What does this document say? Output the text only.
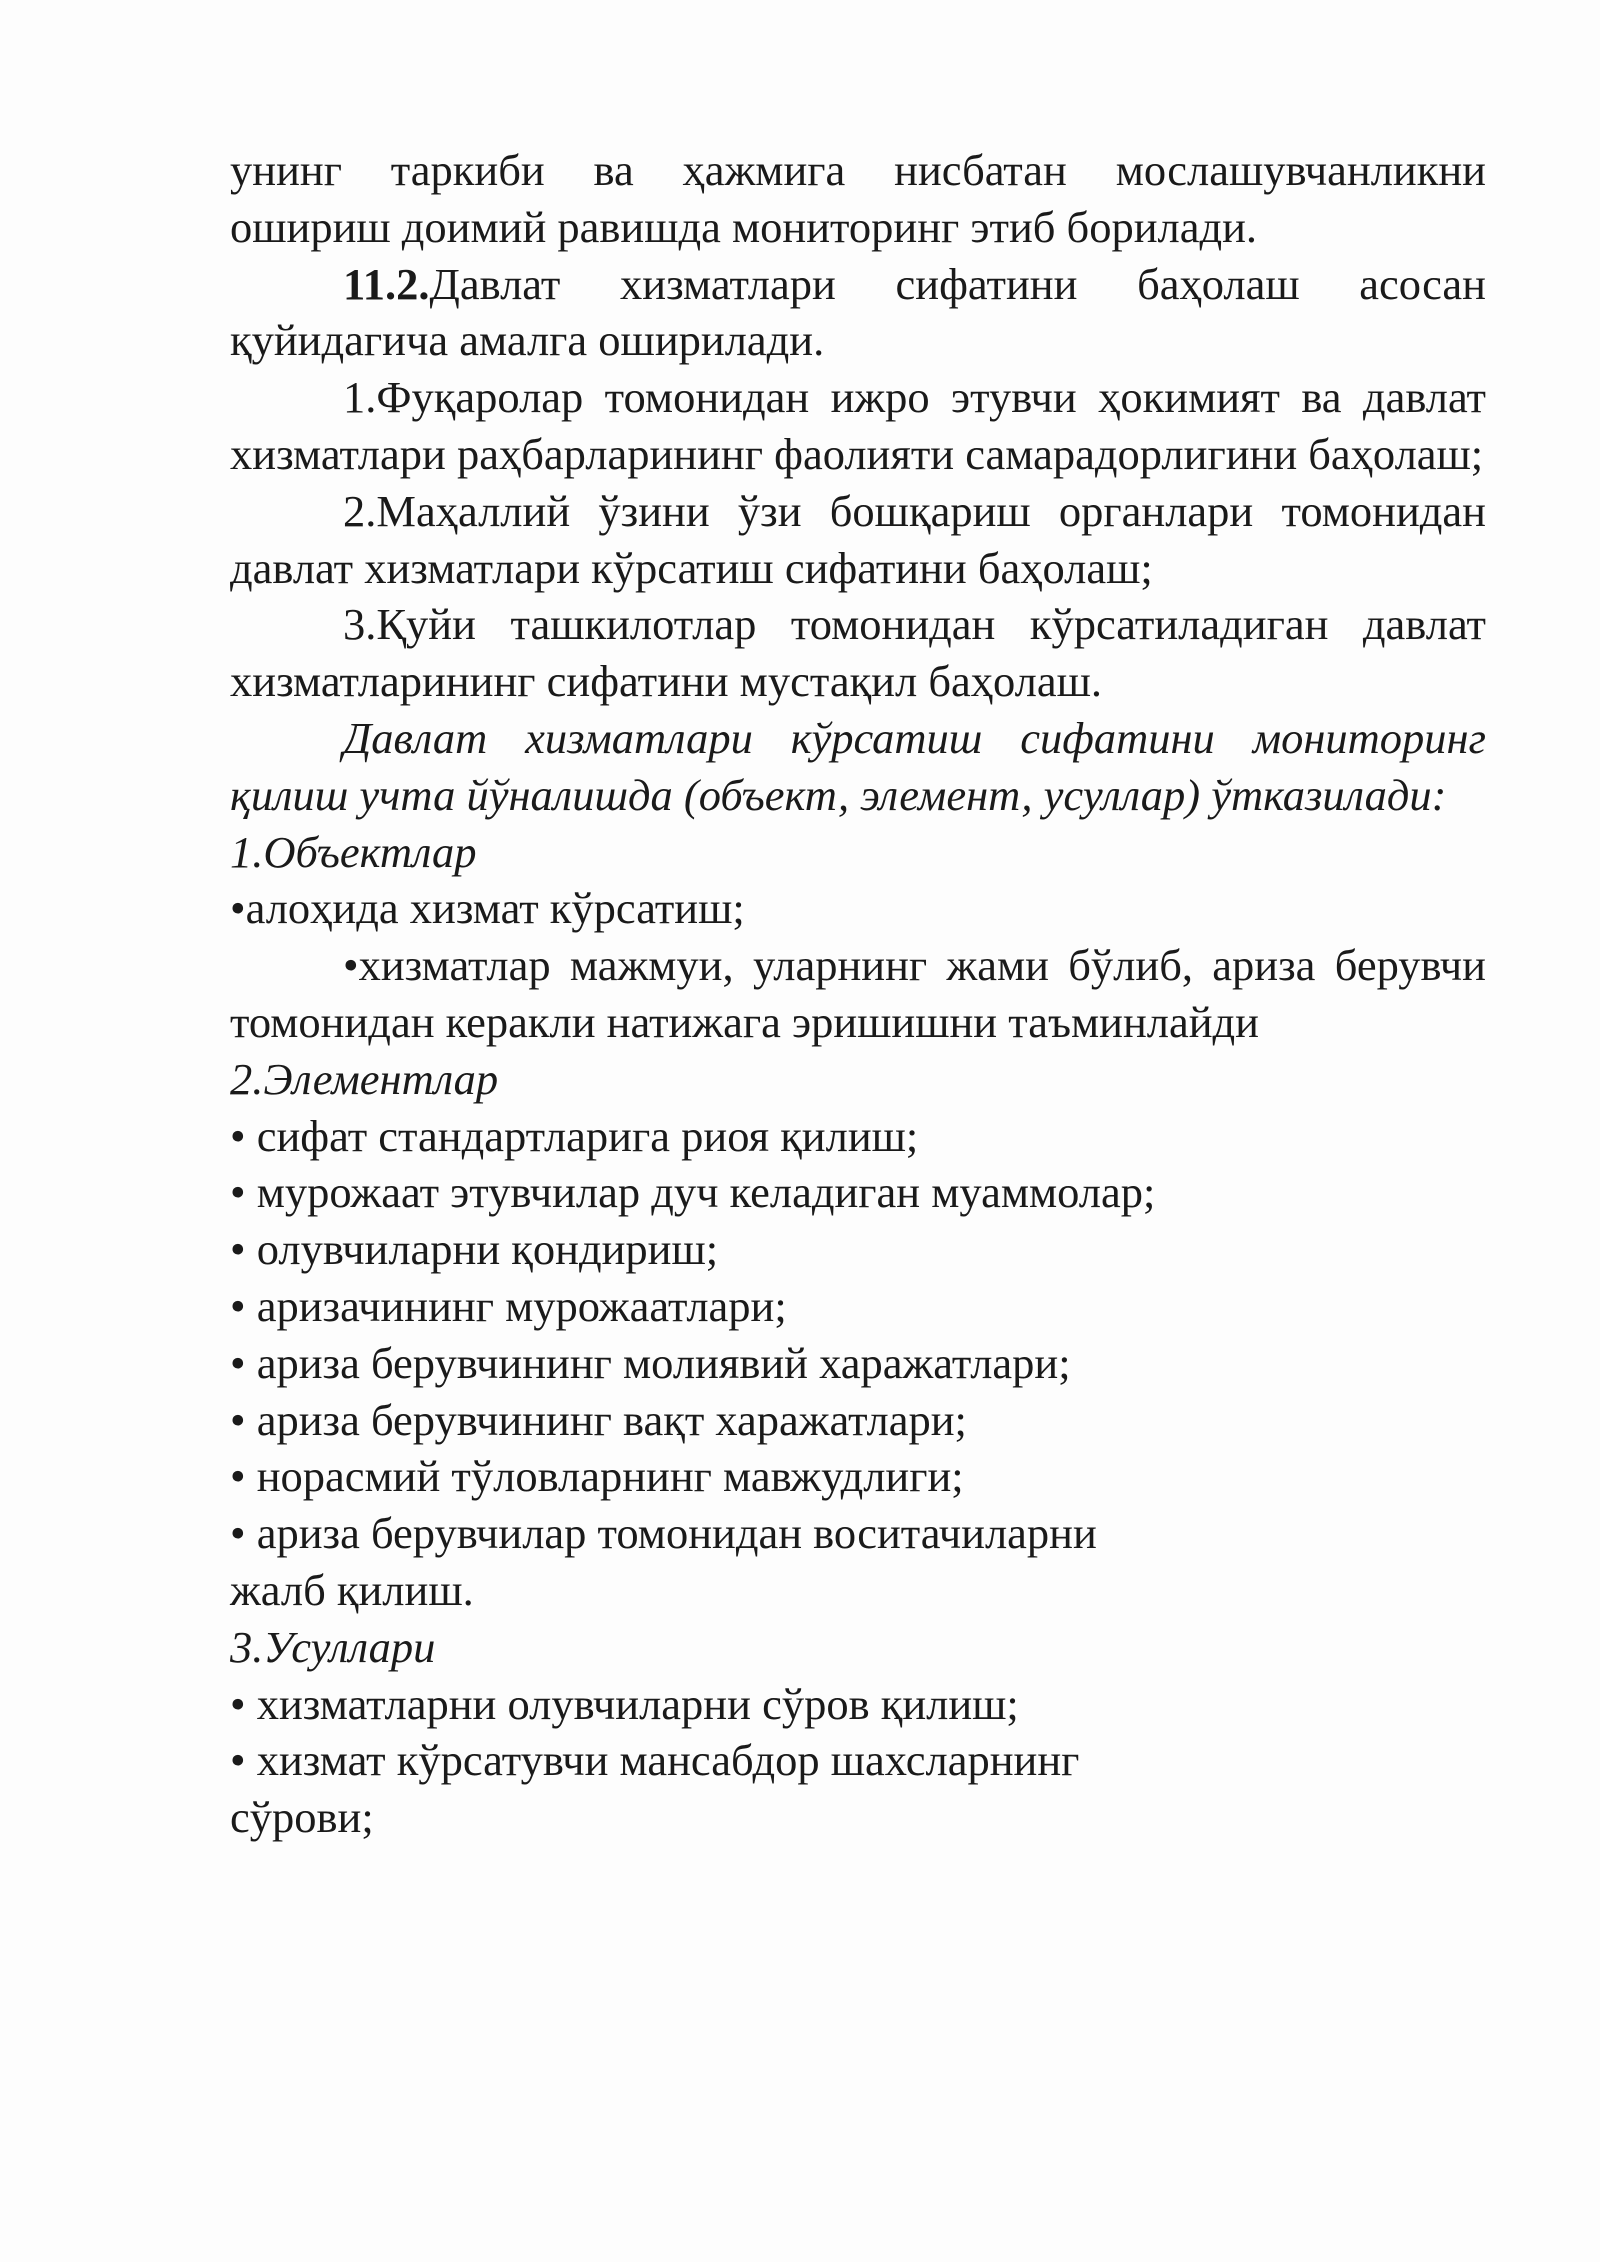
унинг таркиби ва ҳажмига нисбатан мослашувчанликни

ошириш доимий равишда мониторинг этиб борилади.

11.2.Давлат хизматлари сифатини баҳолаш асосан қуйидагича амалга оширилади.

1.Фуқаролар томонидан ижро этувчи ҳокимият ва давлат хизматлари раҳбарларининг фаолияти самарадорлигини баҳолаш;

2.Маҳаллий ўзини ўзи бошқариш органлари томонидан давлат хизматлари кўрсатиш сифатини баҳолаш;

3.Қуйи ташкилотлар томонидан кўрсатиладиган давлат хизматларининг сифатини мустақил баҳолаш.

Давлат хизматлари кўрсатиш сифатини мониторинг қилиш учта йўналишда (объект, элемент, усуллар) ўтказилади:

1.Объектлар

•алоҳида хизмат кўрсатиш;

•хизматлар мажмуи, уларнинг жами бўлиб, ариза берувчи томонидан керакли натижага эришишни таъминлайди

2.Элементлар

• сифат стандартларига риоя қилиш;

• мурожаат этувчилар дуч келадиган муаммолар;

• олувчиларни қондириш;

• аризачининг мурожаатлари;

• ариза берувчининг молиявий харажатлари;

• ариза берувчининг вақт харажатлари;

• норасмий тўловларнинг мавжудлиги;

• ариза берувчилар томонидан воситачиларни

жалб қилиш.

3.Усуллари

• хизматларни олувчиларни сўров қилиш;

• хизмат кўрсатувчи мансабдор шахсларнинг

сўрови;
